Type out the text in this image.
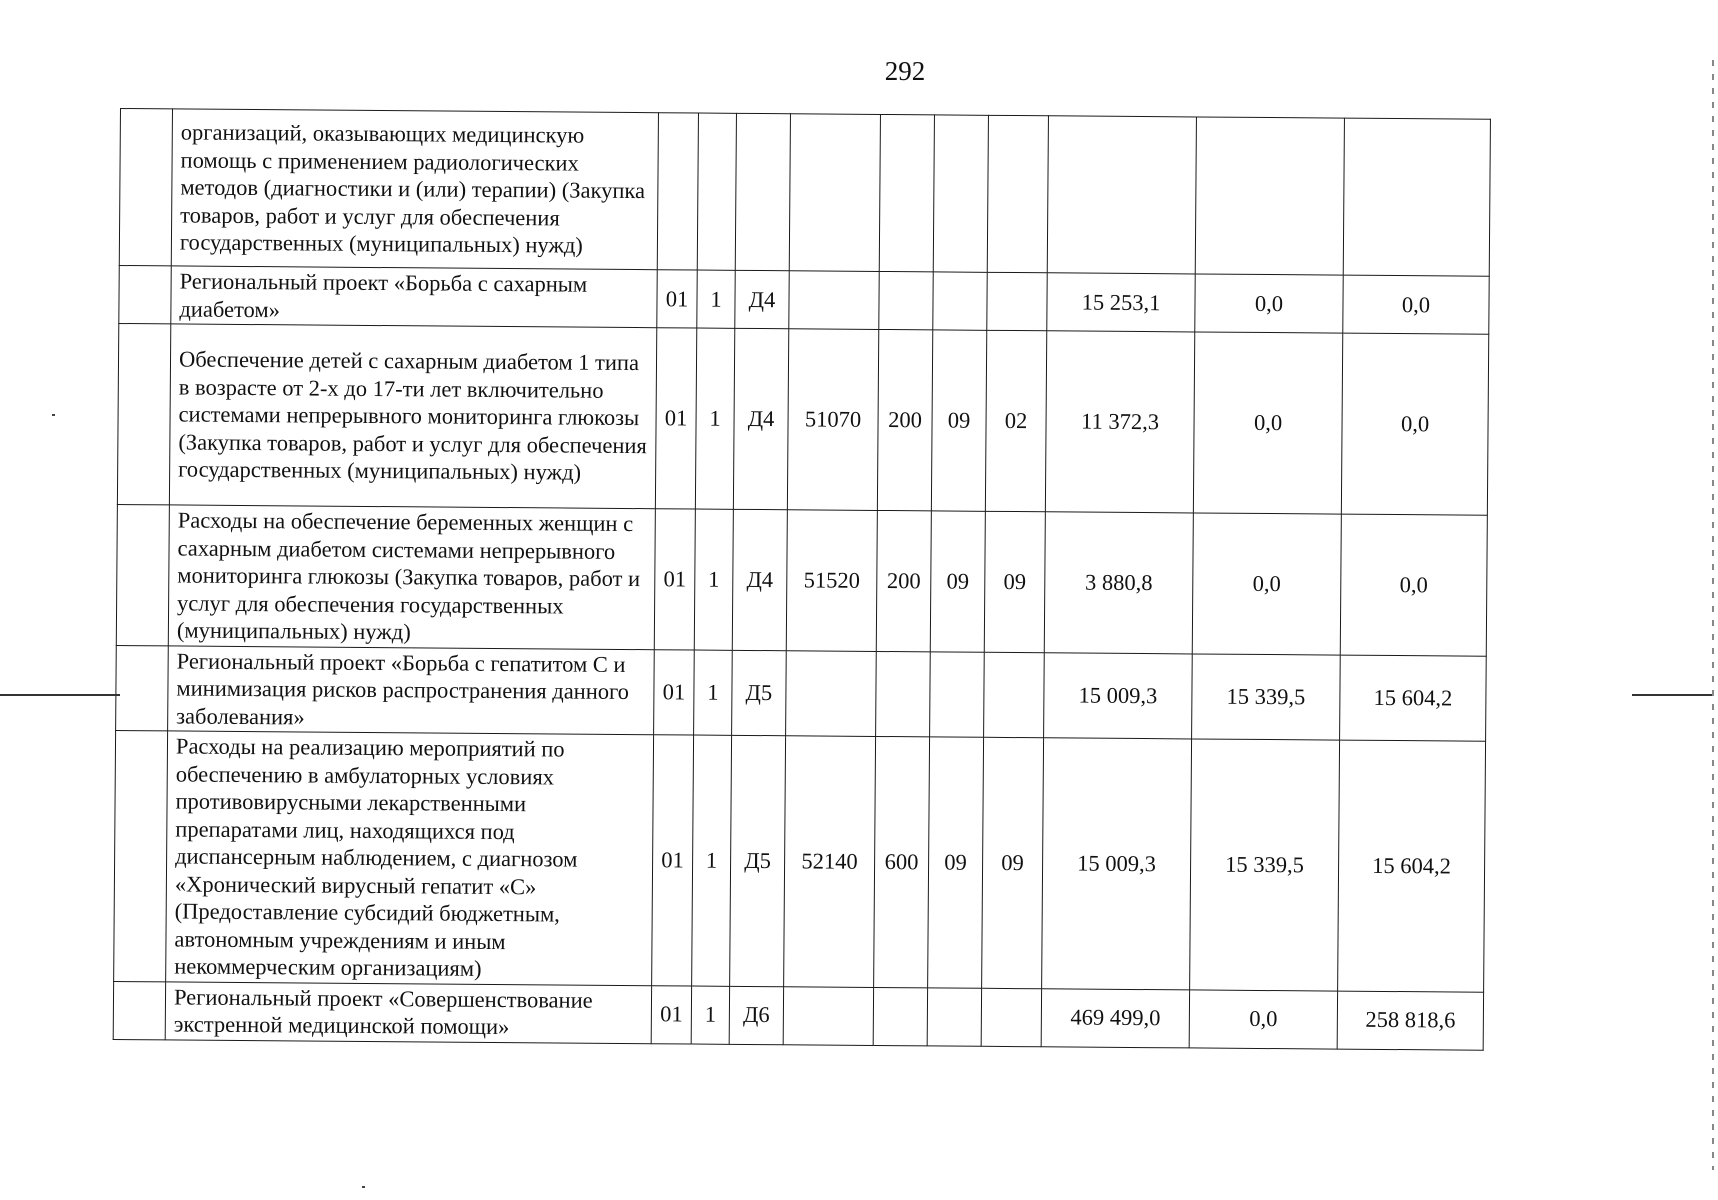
292
	организаций, оказывающих медицинскую помощь с применением радиологических методов (диагностики и (или) терапии) (Закупка товаров, работ и услуг для обеспечения государственных (муниципальных) нужд)										
	Региональный проект «Борьба с сахарным диабетом»	01	1	Д4					15 253,1	0,0	0,0
	Обеспечение детей с сахарным диабетом 1 типа в возрасте от 2-х до 17-ти лет включительно системами непрерывного мониторинга глюкозы (Закупка товаров, работ и услуг для обеспечения государственных (муниципальных) нужд)	01	1	Д4	51070	200	09	02	11 372,3	0,0	0,0
	Расходы на обеспечение беременных женщин с сахарным диабетом системами непрерывного мониторинга глюкозы (Закупка товаров, работ и услуг для обеспечения государственных (муниципальных) нужд)	01	1	Д4	51520	200	09	09	3 880,8	0,0	0,0
	Региональный проект «Борьба с гепатитом С и минимизация рисков распространения данного заболевания»	01	1	Д5					15 009,3	15 339,5	15 604,2
	Расходы на реализацию мероприятий по обеспечению в амбулаторных условиях противовирусными лекарственными препаратами лиц, находящихся под диспансерным наблюдением, с диагнозом «Хронический вирусный гепатит «С» (Предоставление субсидий бюджетным, автономным учреждениям и иным некоммерческим организациям)	01	1	Д5	52140	600	09	09	15 009,3	15 339,5	15 604,2
	Региональный проект «Совершенствование экстренной медицинской помощи»	01	1	Д6					469 499,0	0,0	258 818,6
